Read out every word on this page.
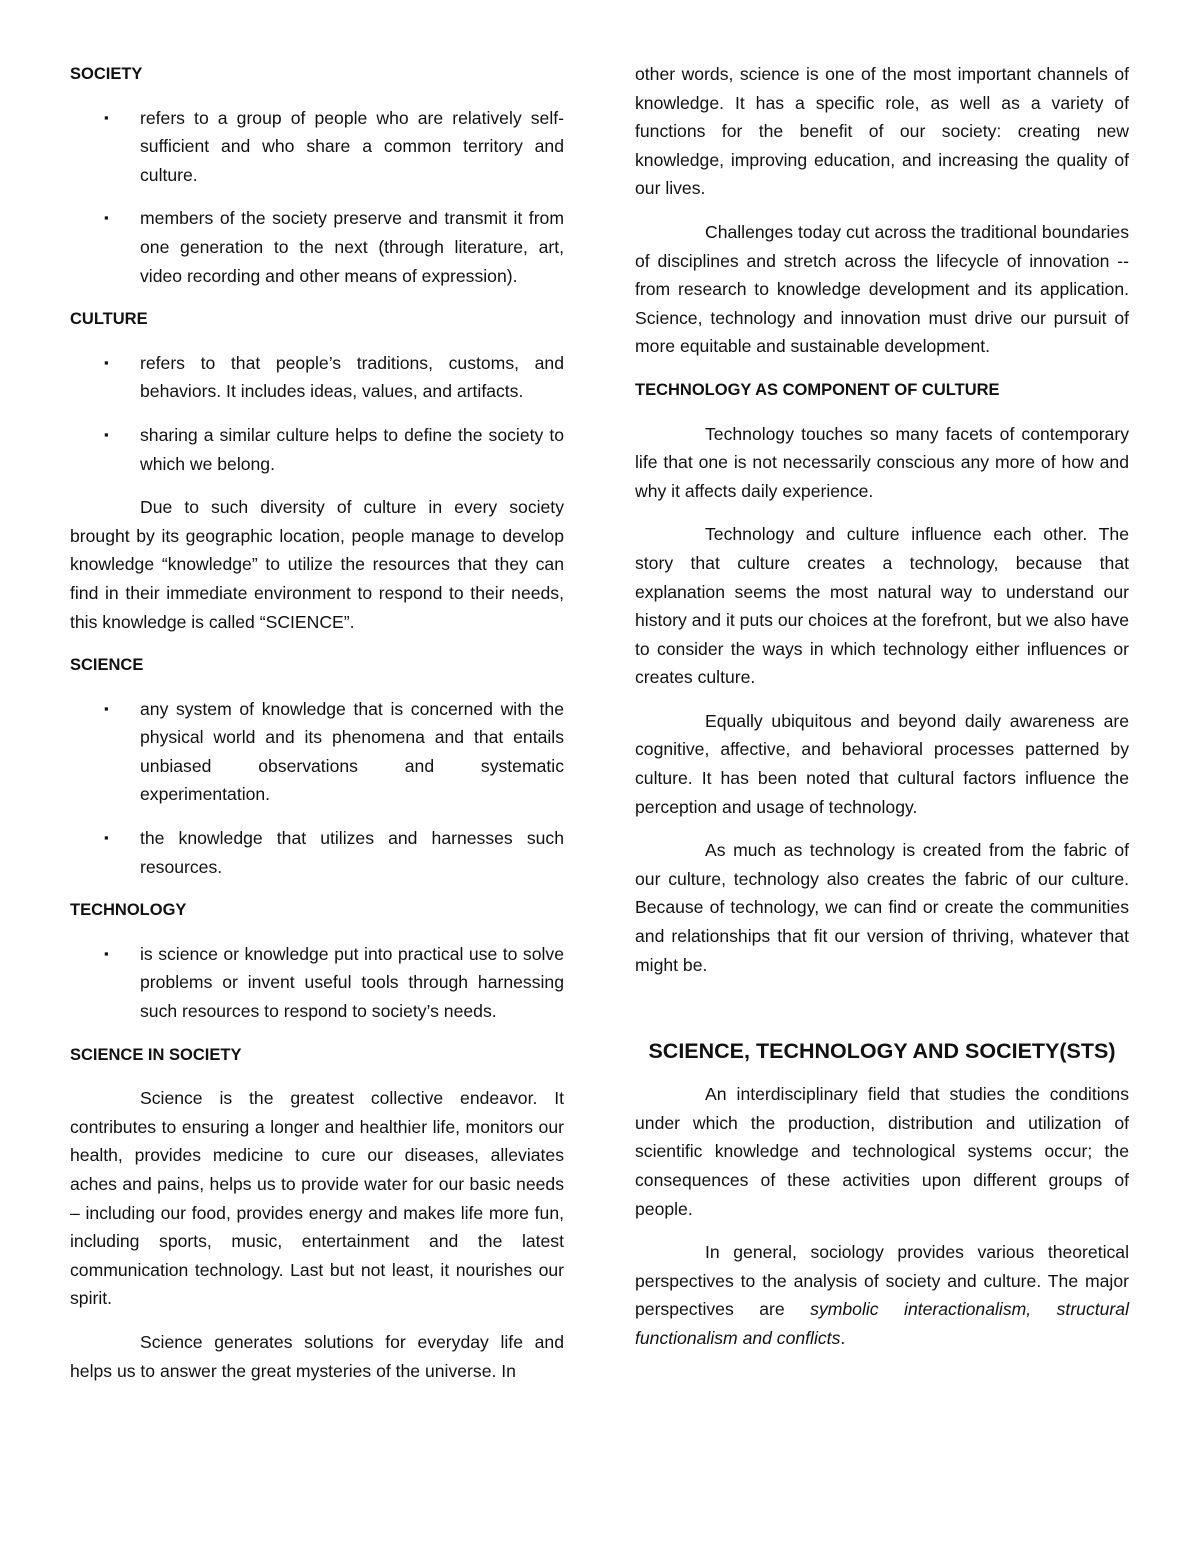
SOCIETY
▪ refers to a group of people who are relatively self-sufficient and who share a common territory and culture.
▪ members of the society preserve and transmit it from one generation to the next (through literature, art, video recording and other means of expression).
CULTURE
▪ refers to that people’s traditions, customs, and behaviors. It includes ideas, values, and artifacts.
▪ sharing a similar culture helps to define the society to which we belong.

Due to such diversity of culture in every society brought by its geographic location, people manage to develop knowledge “knowledge” to utilize the resources that they can find in their immediate environment to respond to their needs, this knowledge is called “SCIENCE”.

SCIENCE
▪ any system of knowledge that is concerned with the physical world and its phenomena and that entails unbiased observations and systematic experimentation.
▪ the knowledge that utilizes and harnesses such resources.
TECHNOLOGY
▪ is science or knowledge put into practical use to solve problems or invent useful tools through harnessing such resources to respond to society’s needs.
SCIENCE IN SOCIETY

Science is the greatest collective endeavor. It contributes to ensuring a longer and healthier life, monitors our health, provides medicine to cure our diseases, alleviates aches and pains, helps us to provide water for our basic needs – including our food, provides energy and makes life more fun, including sports, music, entertainment and the latest communication technology. Last but not least, it nourishes our spirit.

Science generates solutions for everyday life and helps us to answer the great mysteries of the universe. In

other words, science is one of the most important channels of knowledge. It has a specific role, as well as a variety of functions for the benefit of our society: creating new knowledge, improving education, and increasing the quality of our lives.

Challenges today cut across the traditional boundaries of disciplines and stretch across the lifecycle of innovation -- from research to knowledge development and its application. Science, technology and innovation must drive our pursuit of more equitable and sustainable development.

TECHNOLOGY AS COMPONENT OF CULTURE

Technology touches so many facets of contemporary life that one is not necessarily conscious any more of how and why it affects daily experience.

Technology and culture influence each other. The story that culture creates a technology, because that explanation seems the most natural way to understand our history and it puts our choices at the forefront, but we also have to consider the ways in which technology either influences or creates culture.

Equally ubiquitous and beyond daily awareness are cognitive, affective, and behavioral processes patterned by culture. It has been noted that cultural factors influence the perception and usage of technology.

As much as technology is created from the fabric of our culture, technology also creates the fabric of our culture. Because of technology, we can find or create the communities and relationships that fit our version of thriving, whatever that might be.

SCIENCE, TECHNOLOGY AND SOCIETY(STS)

An interdisciplinary field that studies the conditions under which the production, distribution and utilization of scientific knowledge and technological systems occur; the consequences of these activities upon different groups of people.

In general, sociology provides various theoretical perspectives to the analysis of society and culture. The major perspectives are symbolic interactionalism, structural functionalism and conflicts.
